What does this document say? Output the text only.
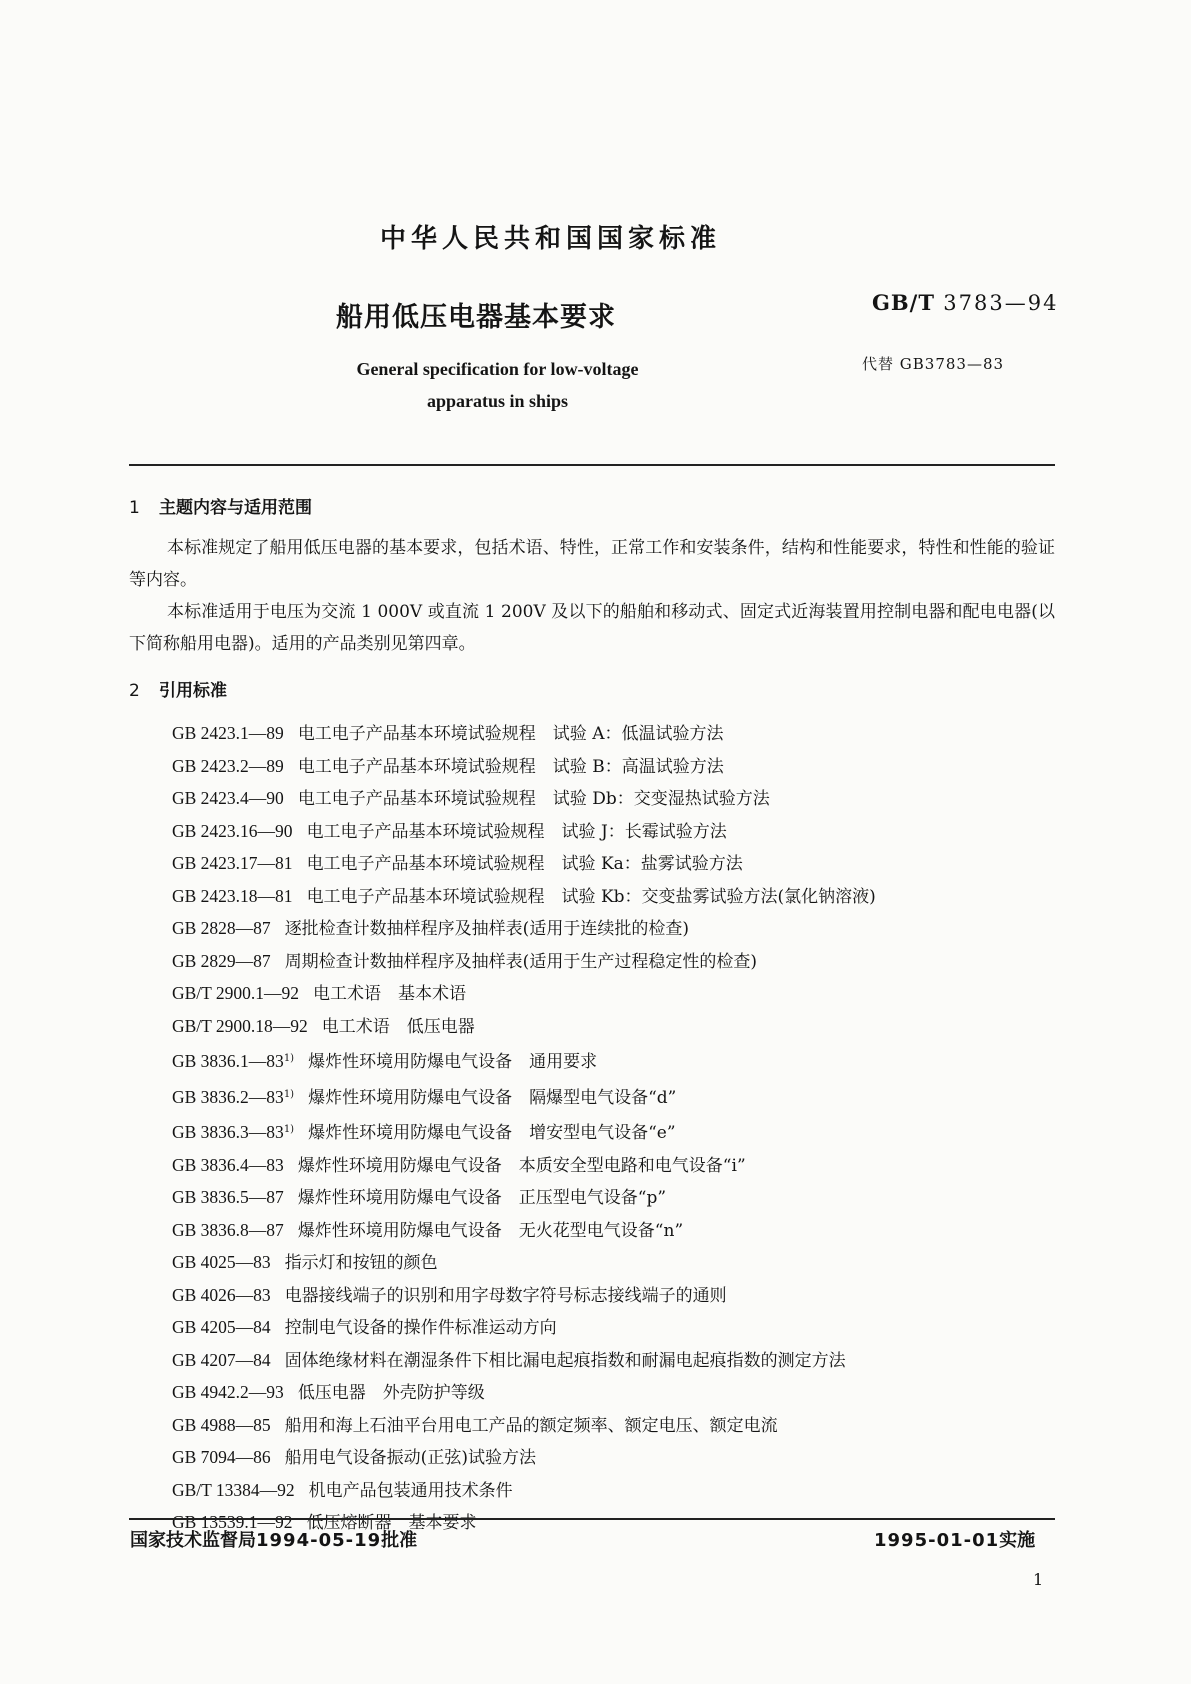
中华人民共和国国家标准
船用低压电器基本要求	GB/T 3783—94
General specification for low-voltage
apparatus in ships
代替 GB3783—83
1 主题内容与适用范围

本标准规定了船用低压电器的基本要求，包括术语、特性，正常工作和安装条件，结构和性能要求，特性和性能的验证等内容。

本标准适用于电压为交流 1 000V 或直流 1 200V 及以下的船舶和移动式、固定式近海装置用控制电器和配电电器(以下简称船用电器)。适用的产品类别见第四章。

2 引用标准
GB 2423.1—89 电工电子产品基本环境试验规程　试验 A：低温试验方法
GB 2423.2—89 电工电子产品基本环境试验规程　试验 B：高温试验方法
GB 2423.4—90 电工电子产品基本环境试验规程　试验 Db：交变湿热试验方法
GB 2423.16—90 电工电子产品基本环境试验规程　试验 J：长霉试验方法
GB 2423.17—81 电工电子产品基本环境试验规程　试验 Ka：盐雾试验方法
GB 2423.18—81 电工电子产品基本环境试验规程　试验 Kb：交变盐雾试验方法(氯化钠溶液)
GB 2828—87 逐批检查计数抽样程序及抽样表(适用于连续批的检查)
GB 2829—87 周期检查计数抽样程序及抽样表(适用于生产过程稳定性的检查)
GB/T 2900.1—92 电工术语　基本术语
GB/T 2900.18—92 电工术语　低压电器
GB 3836.1—83$^{1)}$ 爆炸性环境用防爆电气设备　通用要求
GB 3836.2—83$^{1)}$ 爆炸性环境用防爆电气设备　隔爆型电气设备“d”
GB 3836.3—83$^{1)}$ 爆炸性环境用防爆电气设备　增安型电气设备“e”
GB 3836.4—83 爆炸性环境用防爆电气设备　本质安全型电路和电气设备“i”
GB 3836.5—87 爆炸性环境用防爆电气设备　正压型电气设备“p”
GB 3836.8—87 爆炸性环境用防爆电气设备　无火花型电气设备“n”
GB 4025—83 指示灯和按钮的颜色
GB 4026—83 电器接线端子的识别和用字母数字符号标志接线端子的通则
GB 4205—84 控制电气设备的操作件标准运动方向
GB 4207—84 固体绝缘材料在潮湿条件下相比漏电起痕指数和耐漏电起痕指数的测定方法
GB 4942.2—93 低压电器　外壳防护等级
GB 4988—85 船用和海上石油平台用电工产品的额定频率、额定电压、额定电流
GB 7094—86 船用电气设备振动(正弦)试验方法
GB/T 13384—92 机电产品包装通用技术条件
GB 13539.1—92 低压熔断器　基本要求
国家技术监督局1994-05-19批准	1995-01-01实施
1
